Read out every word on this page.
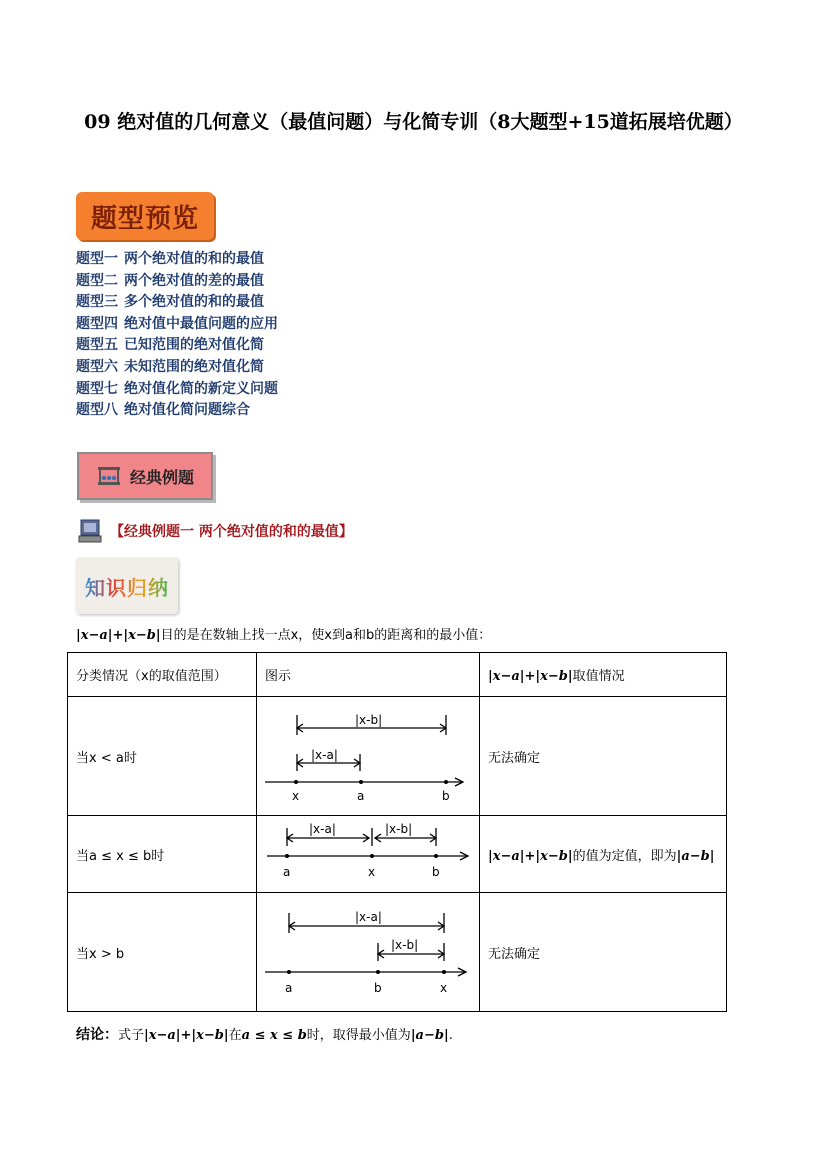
09 绝对值的几何意义（最值问题）与化简专训（8大题型+15道拓展培优题）
题型预览
题型一 两个绝对值的和的最值
题型二 两个绝对值的差的最值
题型三 多个绝对值的和的最值
题型四 绝对值中最值问题的应用
题型五 已知范围的绝对值化简
题型六 未知范围的绝对值化简
题型七 绝对值化简的新定义问题
题型八 绝对值化简问题综合
经典例题
【经典例题一 两个绝对值的和的最值】
知识归纳
|x−a|+|x−b|目的是在数轴上找一点x，使x到a和b的距离和的最小值：
分类情况（x的取值范围）	图示	|x−a|+|x−b|取值情况
当x < a时	|x-b|
|x-a|
x a b	无法确定
当a ≤ x ≤ b时	|x-a| |x-b|
a x b	|x−a|+|x−b|的值为定值，即为|a−b|
当x > b	|x-a|
|x-b|
a b x	无法确定
结论：式子|x−a|+|x−b|在a ≤ x ≤ b时，取得最小值为|a−b|.
